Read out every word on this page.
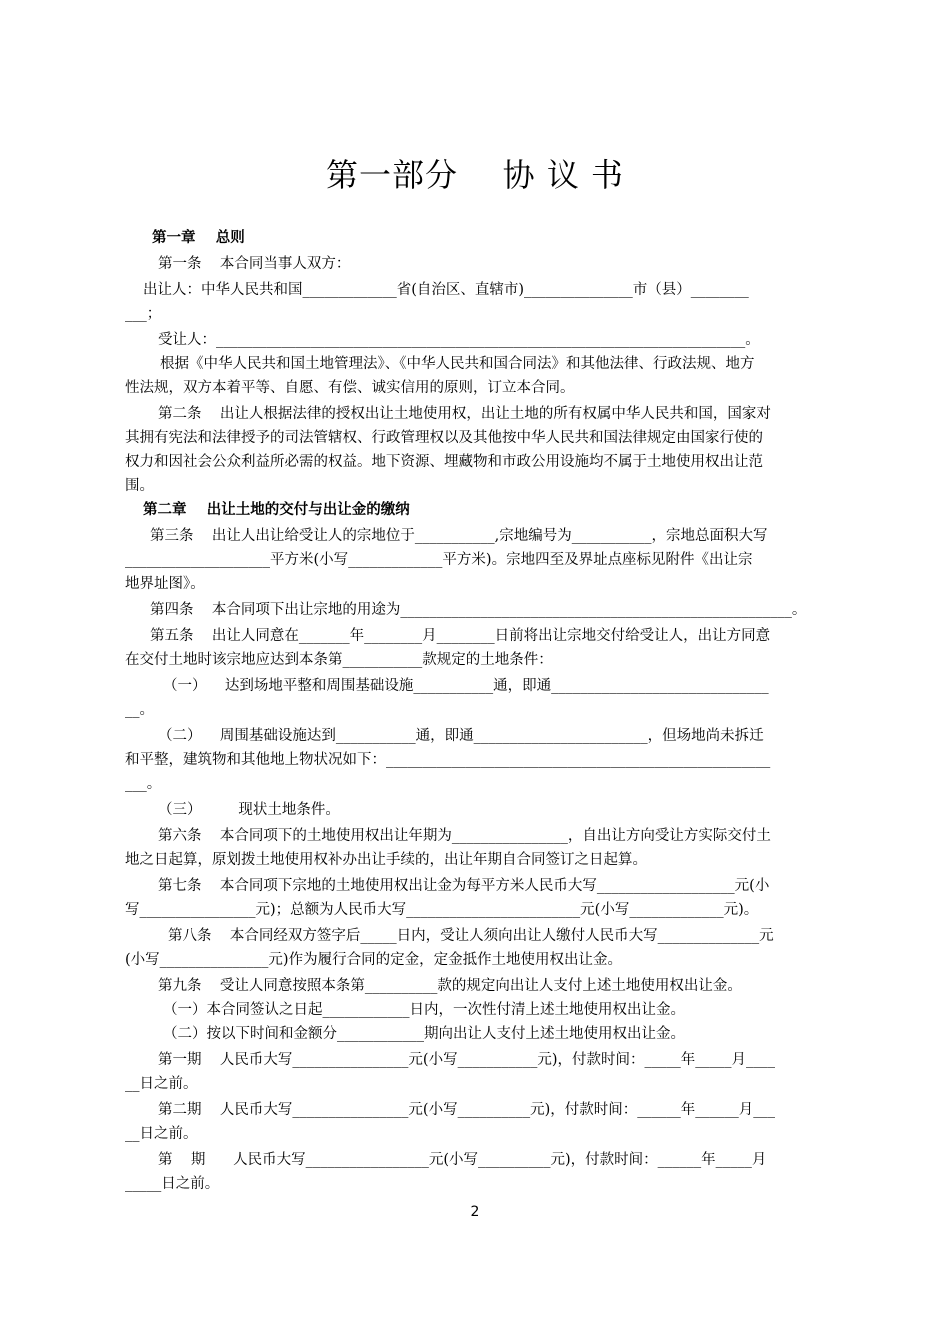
第一部分    协 议 书
第一章    总则
第一条    本合同当事人双方：
出让人：中华人民共和国_____________省(自治区、直辖市)_______________市（县）________
___；
受让人：_________________________________________________________________________。
根据《中华人民共和国土地管理法》、《中华人民共和国合同法》和其他法律、行政法规、地方
性法规，双方本着平等、自愿、有偿、诚实信用的原则，订立本合同。
第二条    出让人根据法律的授权出让土地使用权，出让土地的所有权属中华人民共和国，国家对
其拥有宪法和法律授予的司法管辖权、行政管理权以及其他按中华人民共和国法律规定由国家行使的
权力和因社会公众利益所必需的权益。地下资源、埋藏物和市政公用设施均不属于土地使用权出让范
围。
第二章    出让土地的交付与出让金的缴纳
第三条    出让人出让给受让人的宗地位于___________,宗地编号为___________，宗地总面积大写
____________________平方米(小写_____________平方米)。宗地四至及界址点座标见附件《出让宗
地界址图》。
第四条    本合同项下出让宗地的用途为______________________________________________________。
第五条    出让人同意在_______年________月________日前将出让宗地交付给受让人，出让方同意
在交付土地时该宗地应达到本条第___________款规定的土地条件：
（一）    达到场地平整和周围基础设施___________通，即通______________________________
__。
（二）    周围基础设施达到___________通，即通________________________，但场地尚未拆迁
和平整，建筑物和其他地上物状况如下：_____________________________________________________
___。
（三）        现状土地条件。
第六条    本合同项下的土地使用权出让年期为________________，自出让方向受让方实际交付土
地之日起算，原划拨土地使用权补办出让手续的，出让年期自合同签订之日起算。
第七条    本合同项下宗地的土地使用权出让金为每平方米人民币大写___________________元(小
写________________元)；总额为人民币大写________________________元(小写_____________元)。
第八条    本合同经双方签字后_____日内，受让人须向出让人缴付人民币大写______________元
(小写_______________元)作为履行合同的定金，定金抵作土地使用权出让金。
第九条    受让人同意按照本条第__________款的规定向出让人支付上述土地使用权出让金。
（一）本合同签认之日起____________日内，一次性付清上述土地使用权出让金。
（二）按以下时间和金额分____________期向出让人支付上述土地使用权出让金。
第一期    人民币大写________________元(小写___________元)，付款时间：_____年_____月____
__日之前。
第二期    人民币大写________________元(小写__________元)，付款时间：______年______月___
__日之前。
第    期      人民币大写_________________元(小写__________元)，付款时间：______年_____月
_____日之前。
2
